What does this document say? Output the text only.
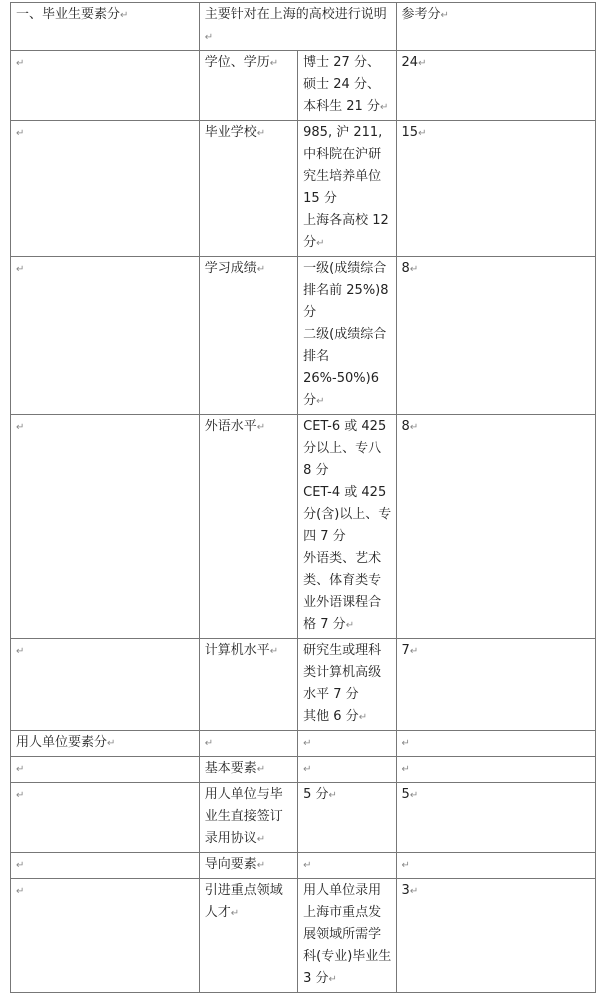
一、毕业生要素分↵	主要针对在上海的高校进行说明↵		参考分↵
↵	学位、学历↵	博士 27 分、硕士 24 分、本科生 21 分↵	24↵
↵	毕业学校↵	985, 沪 211, 中科院在沪研究生培养单位 15 分
上海各高校 12 分↵	15↵
↵	学习成绩↵	一级(成绩综合排名前 25%)8 分
二级(成绩综合排名 26%-50%)6 分↵	8↵
↵	外语水平↵	CET-6 或 425 分以上、专八 8 分
CET-4 或 425 分(含)以上、专四 7 分
外语类、艺术类、体育类专业外语课程合格 7 分↵	8↵
↵	计算机水平↵	研究生或理科类计算机高级水平 7 分
其他 6 分↵	7↵
用人单位要素分↵	↵	↵	↵
↵	基本要素↵	↵	↵
↵	用人单位与毕业生直接签订录用协议↵	5 分↵	5↵
↵	导向要素↵	↵	↵
↵	引进重点领域人才↵	用人单位录用上海市重点发展领域所需学科(专业)毕业生 3 分↵	3↵
